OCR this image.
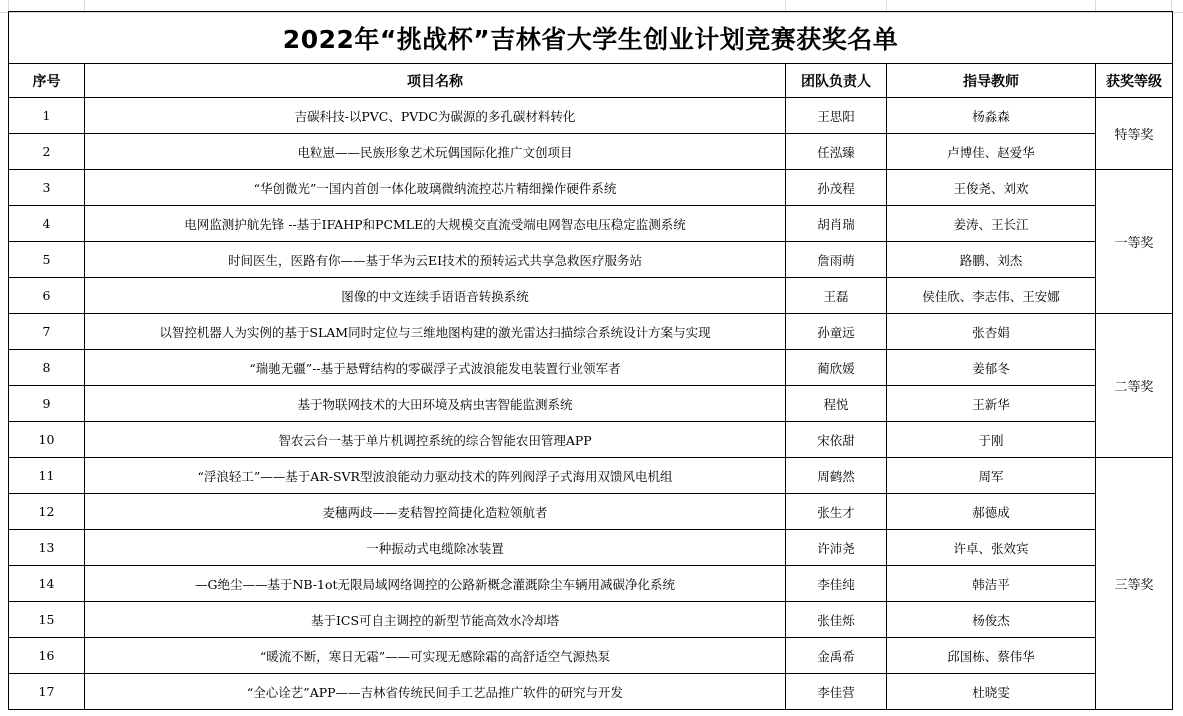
2022年“挑战杯”吉林省大学生创业计划竞赛获奖名单				
序号	项目名称	团队负责人	指导教师	获奖等级
1	吉碳科技-以PVC、PVDC为碳源的多孔碳材料转化	王思阳	杨淼森	特等奖
2	电粒崽——民族形象艺术玩偶国际化推广文创项目	任泓臻	卢博佳、赵爱华	
3	“华创微光”一国内首创一体化玻璃微纳流控芯片精细操作硬件系统	孙茂程	王俊尧、刘欢	一等奖
4	电网监测护航先锋 --基于IFAHP和PCMLE的大规模交直流受端电网智态电压稳定监测系统	胡肖瑞	姜涛、王长江	
5	时间医生，医路有你——基于华为云EI技术的预转运式共享急救医疗服务站	詹雨萌	路鹏、刘杰	
6	图像的中文连续手语语音转换系统	王磊	侯佳欣、李志伟、王安娜	
7	以智控机器人为实例的基于SLAM同时定位与三维地图构建的激光雷达扫描综合系统设计方案与实现	孙童远	张杏娟	二等奖
8	“瑞驰无疆”--基于悬臂结构的零碳浮子式波浪能发电装置行业领军者	蔺欣媛	姜郁冬	
9	基于物联网技术的大田环境及病虫害智能监测系统	程悦	王新华	
10	智农云台一基于单片机调控系统的综合智能农田管理APP	宋依甜	于刚	
11	“浮浪轻工”——基于AR-SVR型波浪能动力驱动技术的阵列阀浮子式海用双馈风电机组	周鹤然	周军	三等奖
12	麦穗两歧——麦秸智控简捷化造粒领航者	张生才	郝德成	
13	一种振动式电缆除冰装置	许沛尧	许卓、张效宾	
14	—G绝尘——基于NB-1ot无限局域网络调控的公路新概念灌溉除尘车辆用减碳净化系统	李佳纯	韩洁平	
15	基于ICS可自主调控的新型节能高效水冷却塔	张佳烁	杨俊杰	
16	“暖流不断，寒日无霜”——可实现无感除霜的高舒适空气源热泵	金禹希	邱国栋、蔡伟华	
17	“全心诠艺”APP——吉林省传统民间手工艺品推广软件的研究与开发	李佳营	杜晓雯	
